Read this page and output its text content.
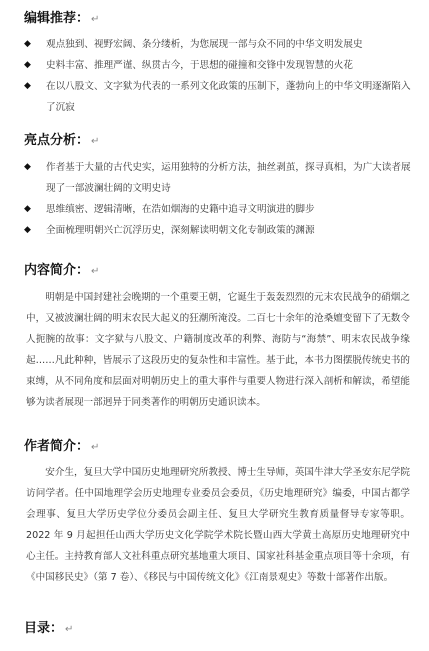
编辑推荐： ↵
◆ 观点独到、视野宏阔、条分缕析，为您展现一部与众不同的中华文明发展史
◆ 史料丰富、推理严谨、纵贯古今，于思想的碰撞和交锋中发现智慧的火花
◆ 在以八股文、文字狱为代表的一系列文化政策的压制下，蓬勃向上的中华文明逐渐陷入了沉寂
亮点分析： ↵
◆ 作者基于大量的古代史实，运用独特的分析方法，抽丝剥茧，探寻真相，为广大读者展现了一部波澜壮阔的文明史诗
◆ 思维缜密、逻辑清晰，在浩如烟海的史籍中追寻文明演进的脚步
◆ 全面梳理明朝兴亡沉浮历史，深刻解读明朝文化专制政策的渊源
内容简介： ↵

明朝是中国封建社会晚期的一个重要王朝，它诞生于轰轰烈烈的元末农民战争的硝烟之中，又被波澜壮阔的明末农民大起义的狂潮所淹没。二百七十余年的沧桑嬗变留下了无数令人扼腕的故事：文字狱与八股文、户籍制度改革的利弊、海防与“海禁”、明末农民战争缘起……凡此种种，皆展示了这段历史的复杂性和丰富性。基于此，本书力图摆脱传统史书的束缚，从不同角度和层面对明朝历史上的重大事件与重要人物进行深入剖析和解读，希望能够为读者展现一部迥异于同类著作的明朝历史通识读本。

作者简介： ↵

安介生，复旦大学中国历史地理研究所教授、博士生导师，英国牛津大学圣安东尼学院访问学者。任中国地理学会历史地理专业委员会委员，《历史地理研究》编委，中国古都学会理事、复旦大学历史学位分委员会副主任、复旦大学研究生教育质量督导专家等职。2022 年 9 月起担任山西大学历史文化学院学术院长暨山西大学黄土高原历史地理研究中心主任。主持教育部人文社科重点研究基地重大项目、国家社科基金重点项目等十余项，有《中国移民史》（第 7 卷）、《移民与中国传统文化》《江南景观史》等数十部著作出版。

目录： ↵
